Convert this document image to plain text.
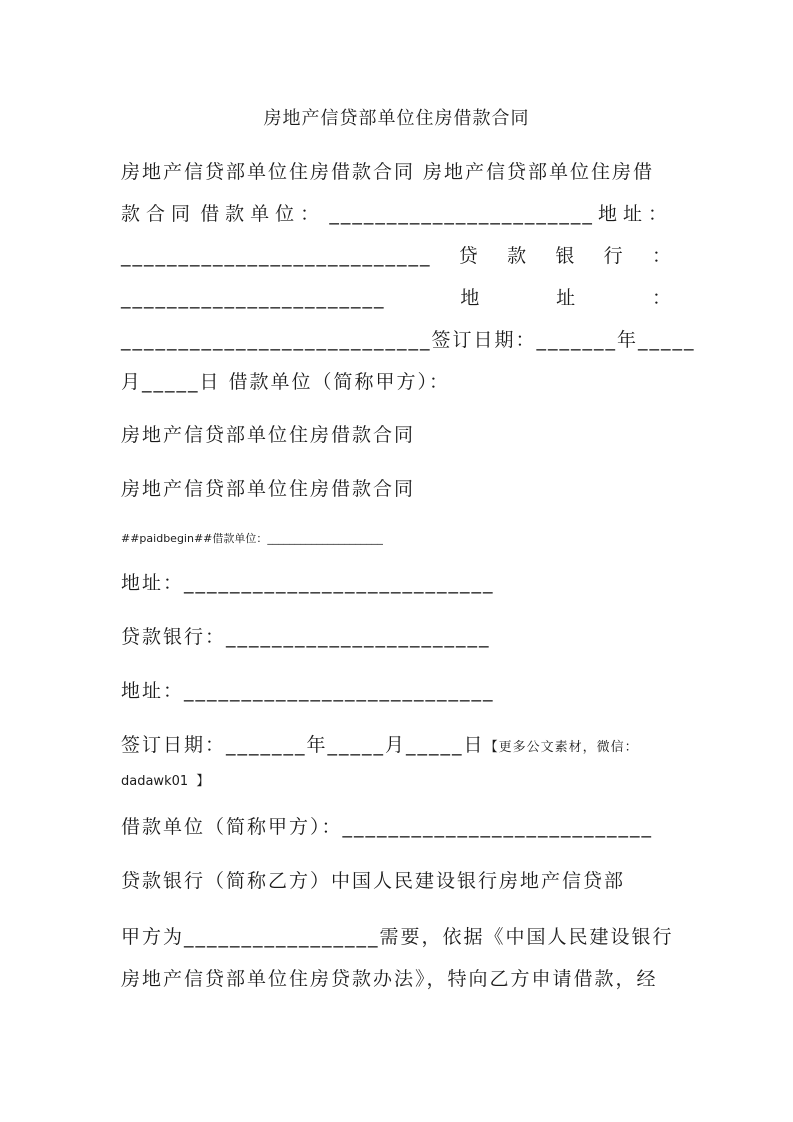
房地产信贷部单位住房借款合同
房地产信贷部单位住房借款合同 房地产信贷部单位住房借
款合同 借款单位： _______________________ 地址：
___________________________ 贷 款 银 行 ：
_______________________	地	址	：
___________________________ 签订日期：_______年_____
月_____日 借款单位（简称甲方）：
房地产信贷部单位住房借款合同
房地产信贷部单位住房借款合同
##paidbegin##借款单位：_____________________
地址：___________________________
贷款银行：_______________________
地址：___________________________
签订日期：_______年_____月_____日【更多公文素材，微信：
dadawk01  】
借款单位（简称甲方）：___________________________
贷款银行（简称乙方）中国人民建设银行房地产信贷部
甲方为_________________需要，依据《中国人民建设银行
房地产信贷部单位住房贷款办法》，特向乙方申请借款，经
